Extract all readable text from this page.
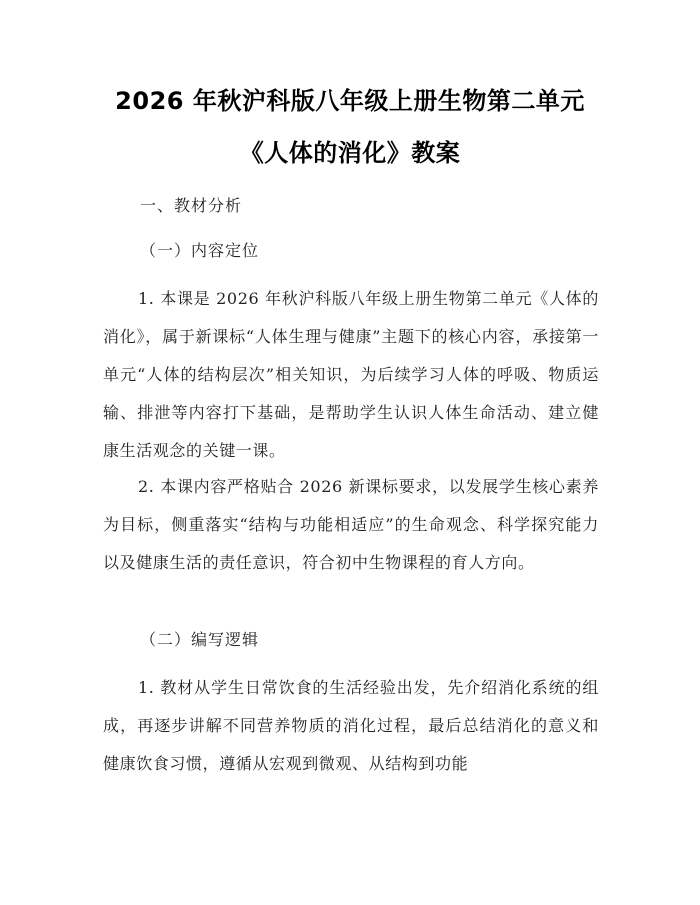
2026 年秋沪科版八年级上册生物第二单元
《人体的消化》教案
一、教材分析
（一）内容定位
1. 本课是 2026 年秋沪科版八年级上册生物第二单元《人体的消化》，属于新课标“人体生理与健康”主题下的核心内容，承接第一单元“人体的结构层次”相关知识，为后续学习人体的呼吸、物质运输、排泄等内容打下基础，是帮助学生认识人体生命活动、建立健康生活观念的关键一课。
2. 本课内容严格贴合 2026 新课标要求，以发展学生核心素养为目标，侧重落实“结构与功能相适应”的生命观念、科学探究能力以及健康生活的责任意识，符合初中生物课程的育人方向。
（二）编写逻辑
1. 教材从学生日常饮食的生活经验出发，先介绍消化系统的组成，再逐步讲解不同营养物质的消化过程，最后总结消化的意义和健康饮食习惯，遵循从宏观到微观、从结构到功能
